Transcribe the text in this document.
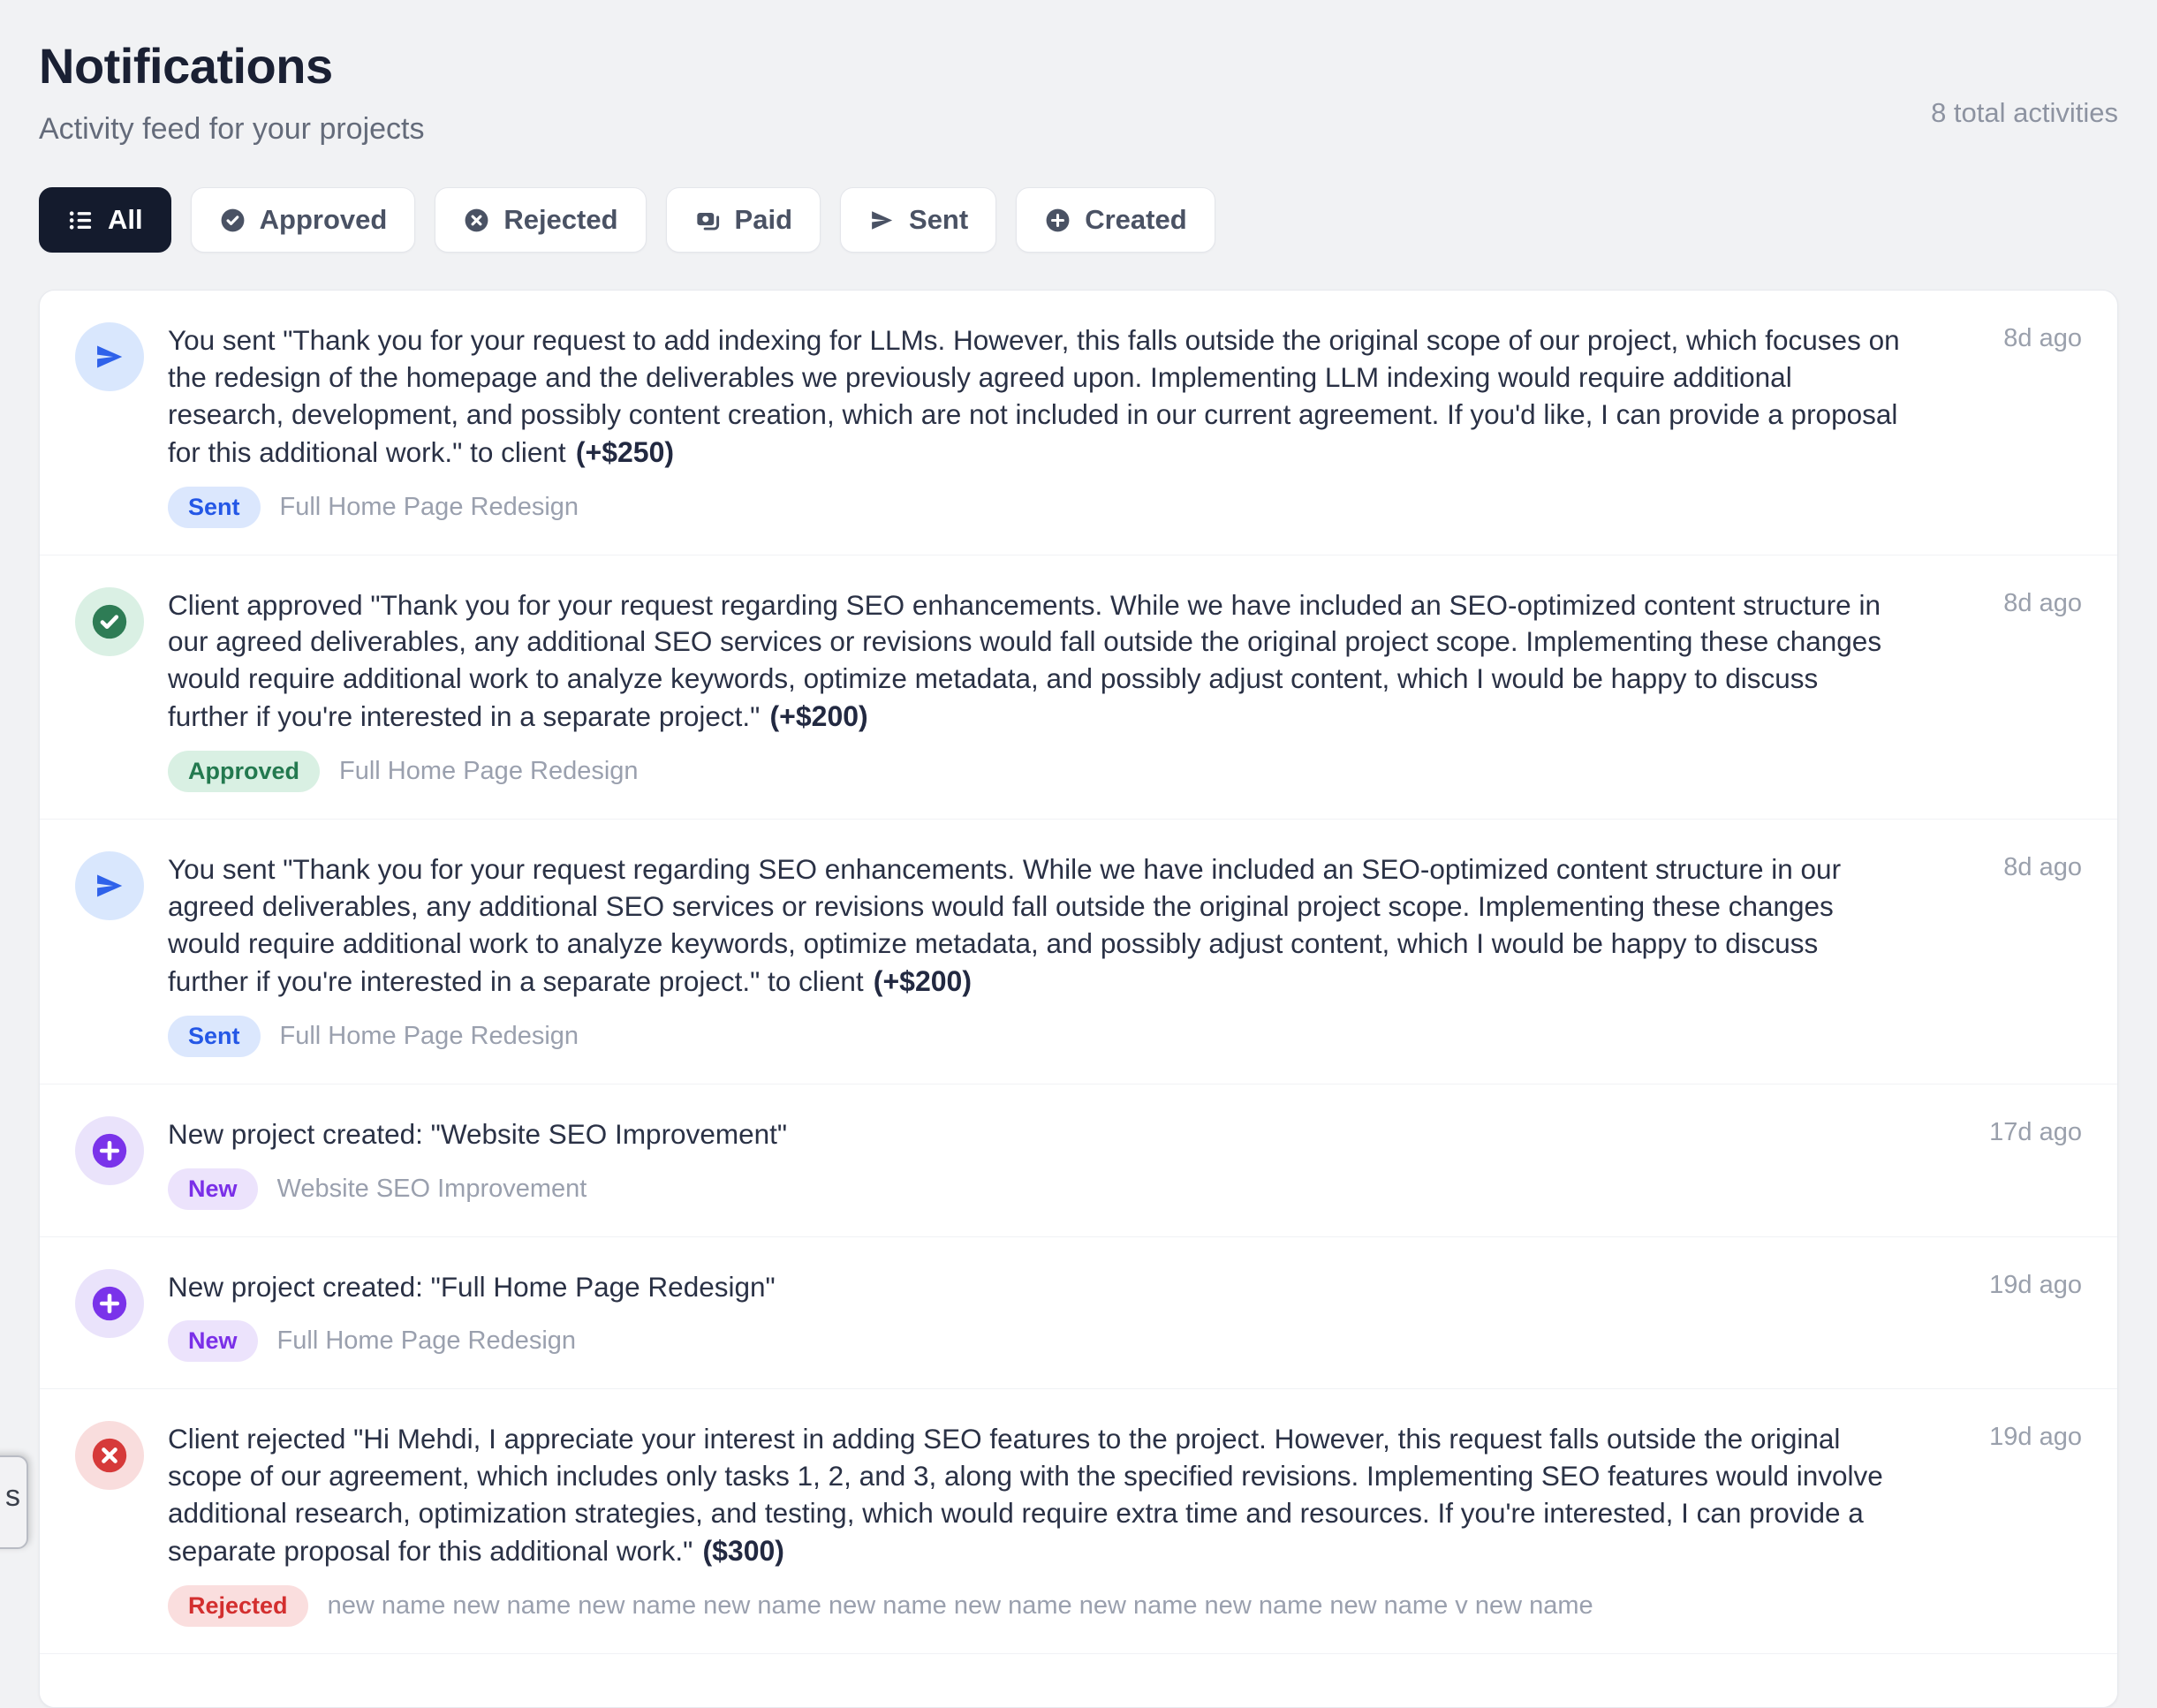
Notifications
Activity feed for your projects	8 total activities
All	Approved	Rejected	Paid	Sent	Created
You sent "Thank you for your request to add indexing for LLMs. However, this falls outside the original scope of our project, which focuses on the redesign of the homepage and the deliverables we previously agreed upon. Implementing LLM indexing would require additional research, development, and possibly content creation, which are not included in our current agreement. If you'd like, I can provide a proposal for this additional work." to client (+$250)
Sent	Full Home Page Redesign
8d ago
Client approved "Thank you for your request regarding SEO enhancements. While we have included an SEO-optimized content structure in our agreed deliverables, any additional SEO services or revisions would fall outside the original project scope. Implementing these changes would require additional work to analyze keywords, optimize metadata, and possibly adjust content, which I would be happy to discuss further if you're interested in a separate project." (+$200)
Approved	Full Home Page Redesign
8d ago
You sent "Thank you for your request regarding SEO enhancements. While we have included an SEO-optimized content structure in our agreed deliverables, any additional SEO services or revisions would fall outside the original project scope. Implementing these changes would require additional work to analyze keywords, optimize metadata, and possibly adjust content, which I would be happy to discuss further if you're interested in a separate project." to client (+$200)
Sent	Full Home Page Redesign
8d ago
New project created: "Website SEO Improvement"
New	Website SEO Improvement
17d ago
New project created: "Full Home Page Redesign"
New	Full Home Page Redesign
19d ago
Client rejected "Hi Mehdi, I appreciate your interest in adding SEO features to the project. However, this request falls outside the original scope of our agreement, which includes only tasks 1, 2, and 3, along with the specified revisions. Implementing SEO features would involve additional research, optimization strategies, and testing, which would require extra time and resources. If you're interested, I can provide a separate proposal for this additional work." ($300)
Rejected	new name new name new name new name new name new name new name new name new name v new name
19d ago
s
